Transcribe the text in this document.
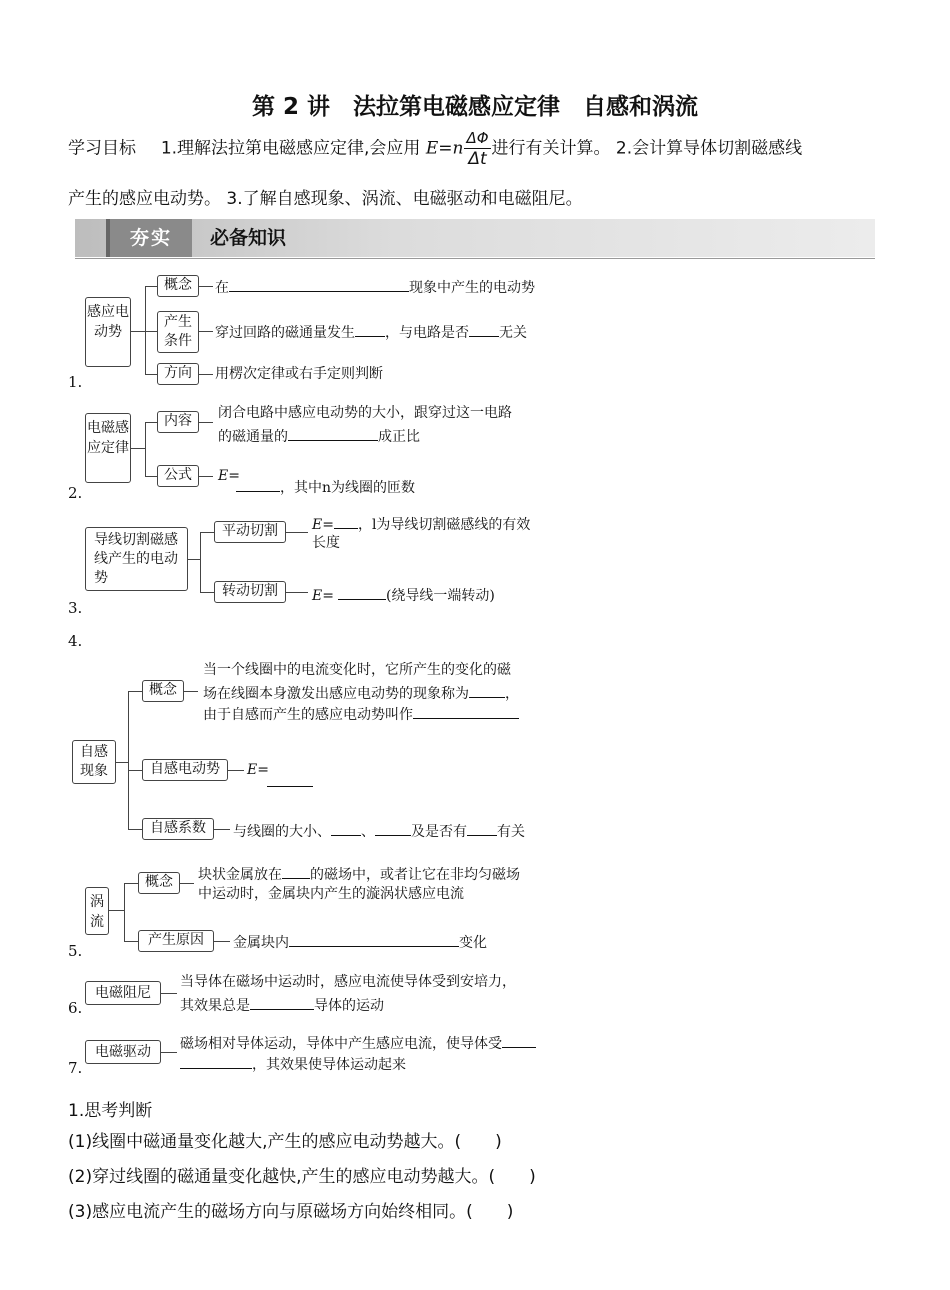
第 2 讲　法拉第电磁感应定律　自感和涡流
学习目标 1.理解法拉第电磁感应定律,会应用 $E=n \frac{\Delta\Phi}{\Delta t}$ 进行有关计算。 2.会计算导体切割磁感线
产生的感应电动势。 3.了解自感现象、涡流、电磁驱动和电磁阻尼。
夯实	必备知识
1.
感应电动势
概念
产生条件
方向
在	现象中产生的电动势
穿过回路的磁通量发生 ，与电路是否 无关
用楞次定律或右手定则判断
2.
电磁感应定律
内容
公式
闭合电路中感应电动势的大小，跟穿过这一电路
的磁通量的	成正比
E=
，其中n为线圈的匝数
3.
导线切割磁感线产生的电动势
平动切割
转动切割
E= ，l为导线切割磁感线的有效
长度
E=	(绕导线一端转动)
4.
自感现象
概念
自感电动势
自感系数
当一个线圈中的电流变化时，它所产生的变化的磁
场在线圈本身激发出感应电动势的现象称为	，
由于自感而产生的感应电动势叫作
E=
与线圈的大小、 、	及是否有 有关
5.
涡流
概念
产生原因
块状金属放在 的磁场中，或者让它在非均匀磁场
中运动时，金属块内产生的漩涡状感应电流
金属块内	变化
6.
电磁阻尼
当导体在磁场中运动时，感应电流使导体受到安培力，
其效果总是	导体的运动
7.
电磁驱动	磁场相对导体运动，导体中产生感应电流，使导体受
，其效果使导体运动起来
1.思考判断
(1)线圈中磁通量变化越大,产生的感应电动势越大。(　　)
(2)穿过线圈的磁通量变化越快,产生的感应电动势越大。(　　)
(3)感应电流产生的磁场方向与原磁场方向始终相同。(　　)
